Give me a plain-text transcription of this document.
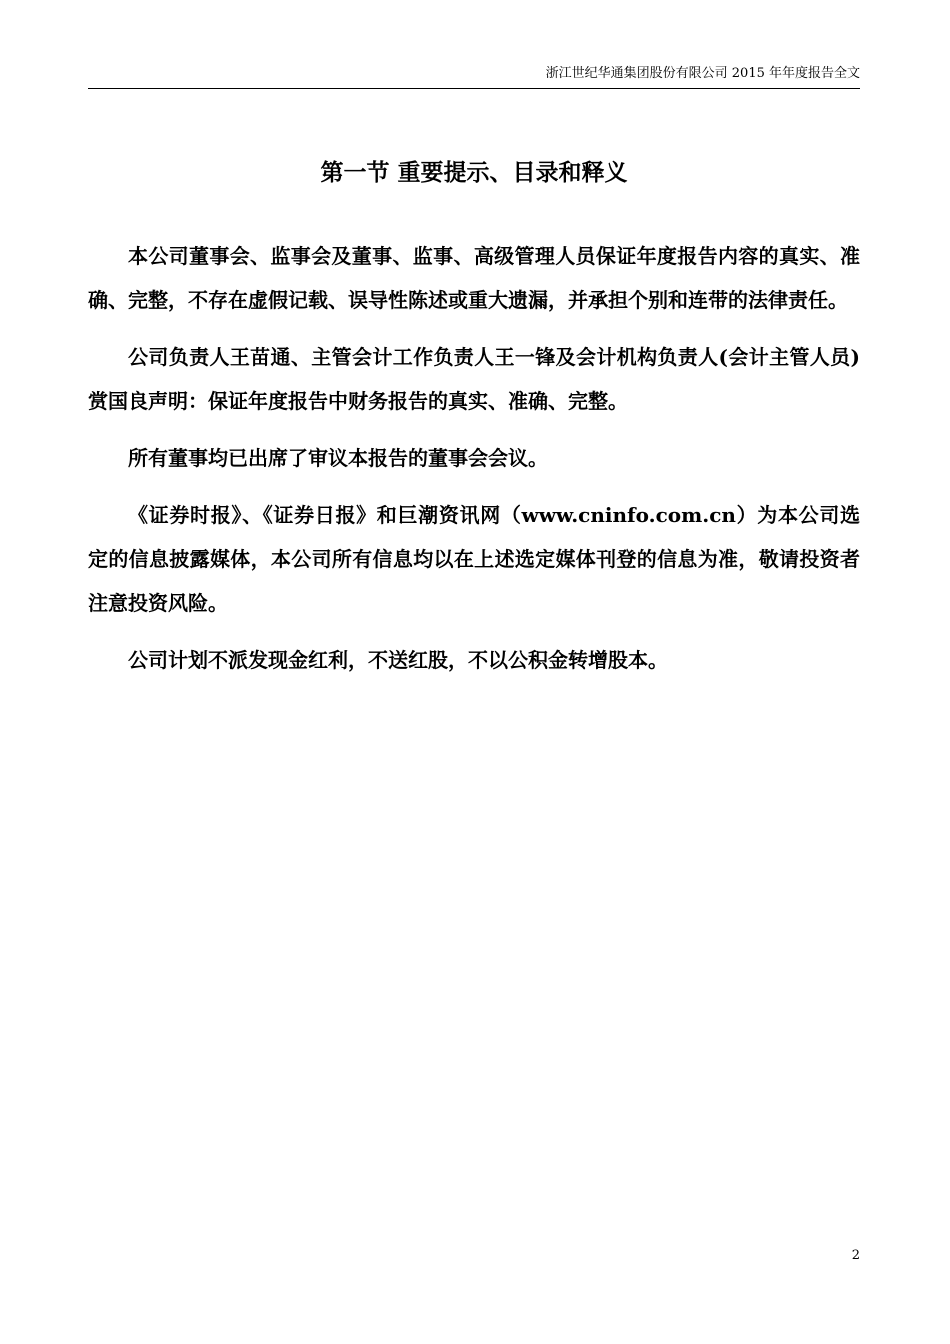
浙江世纪华通集团股份有限公司 2015 年年度报告全文
第一节 重要提示、目录和释义

本公司董事会、监事会及董事、监事、高级管理人员保证年度报告内容的真实、准确、完整，不存在虚假记载、误导性陈述或重大遗漏，并承担个别和连带的法律责任。

公司负责人王苗通、主管会计工作负责人王一锋及会计机构负责人(会计主管人员)赏国良声明：保证年度报告中财务报告的真实、准确、完整。

所有董事均已出席了审议本报告的董事会会议。

《证券时报》、《证券日报》和巨潮资讯网（www.cninfo.com.cn）为本公司选定的信息披露媒体，本公司所有信息均以在上述选定媒体刊登的信息为准，敬请投资者注意投资风险。

公司计划不派发现金红利，不送红股，不以公积金转增股本。

2
